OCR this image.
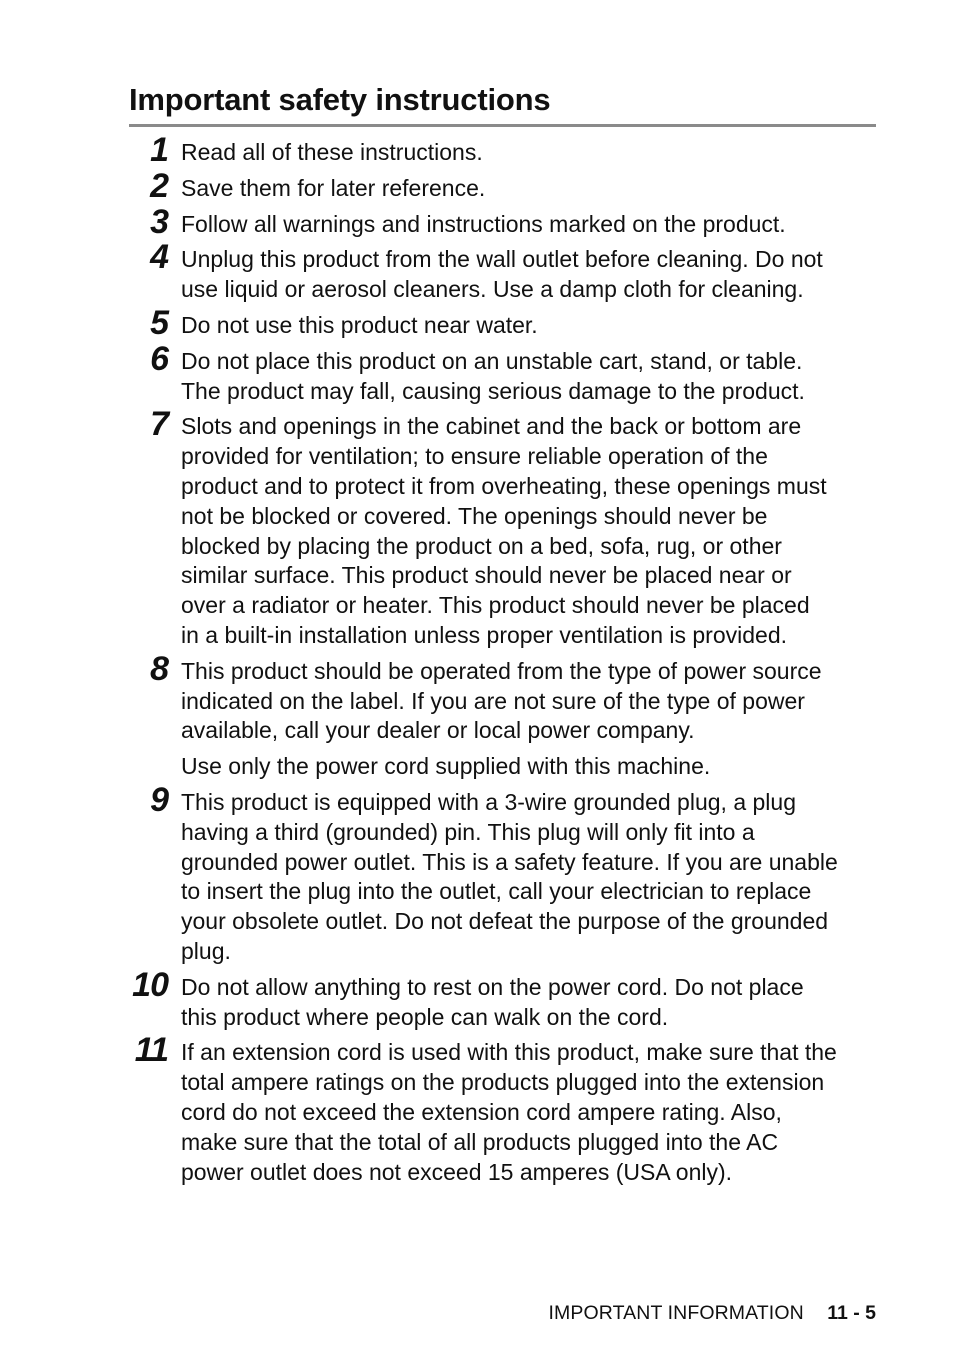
Important safety instructions
1 Read all of these instructions.

2 Save them for later reference.

3 Follow all warnings and instructions marked on the product.

4 Unplug this product from the wall outlet before cleaning. Do not
use liquid or aerosol cleaners. Use a damp cloth for cleaning.

5 Do not use this product near water.

6 Do not place this product on an unstable cart, stand, or table.
The product may fall, causing serious damage to the product.

7 Slots and openings in the cabinet and the back or bottom are
provided for ventilation; to ensure reliable operation of the
product and to protect it from overheating, these openings must
not be blocked or covered. The openings should never be
blocked by placing the product on a bed, sofa, rug, or other
similar surface. This product should never be placed near or
over a radiator or heater. This product should never be placed
in a built-in installation unless proper ventilation is provided.

8 This product should be operated from the type of power source
indicated on the label. If you are not sure of the type of power
available, call your dealer or local power company.

Use only the power cord supplied with this machine.

9 This product is equipped with a 3-wire grounded plug, a plug
having a third (grounded) pin. This plug will only fit into a
grounded power outlet. This is a safety feature. If you are unable
to insert the plug into the outlet, call your electrician to replace
your obsolete outlet. Do not defeat the purpose of the grounded
plug.

10 Do not allow anything to rest on the power cord. Do not place
this product where people can walk on the cord.

11 If an extension cord is used with this product, make sure that the
total ampere ratings on the products plugged into the extension
cord do not exceed the extension cord ampere rating. Also,
make sure that the total of all products plugged into the AC
power outlet does not exceed 15 amperes (USA only).

IMPORTANT INFORMATION 11 - 5
